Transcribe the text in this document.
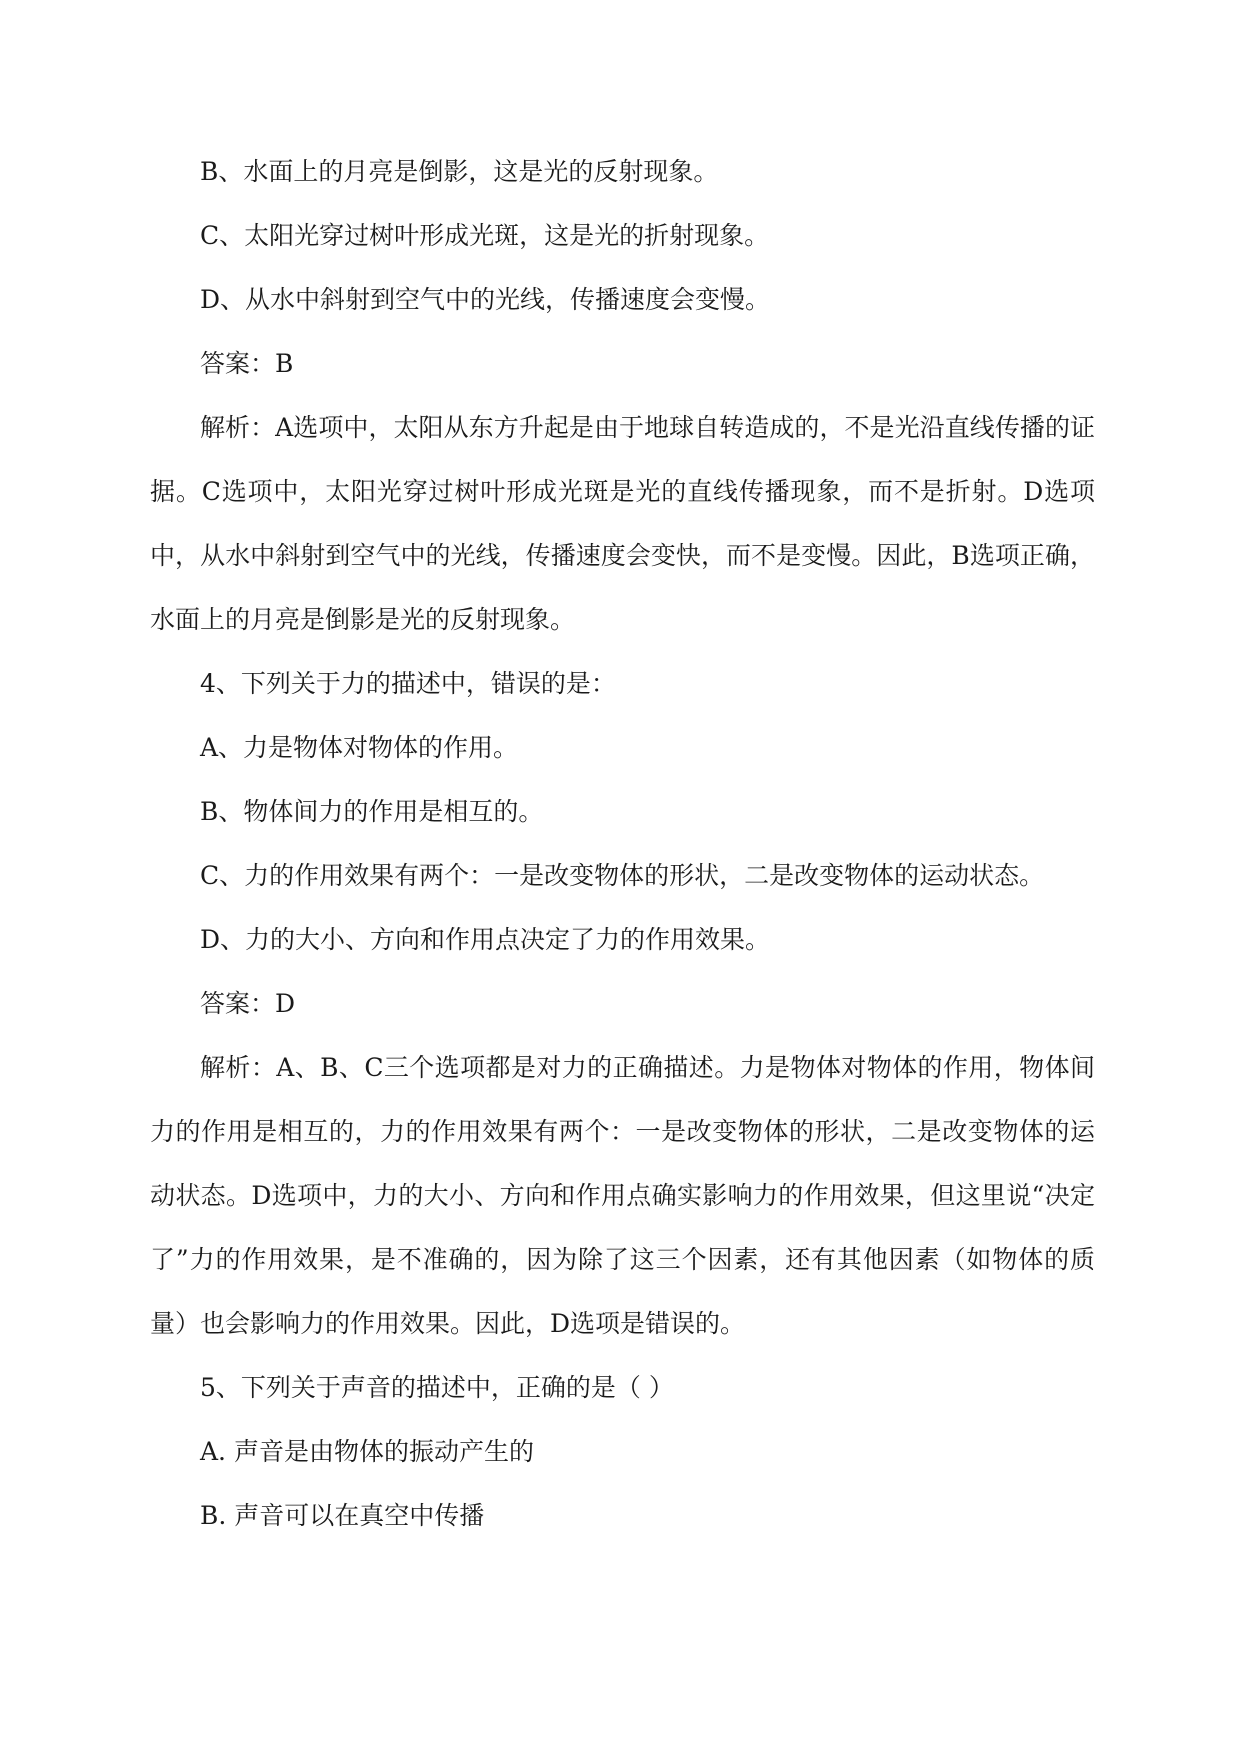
B、水面上的月亮是倒影，这是光的反射现象。

C、太阳光穿过树叶形成光斑，这是光的折射现象。

D、从水中斜射到空气中的光线，传播速度会变慢。

答案：B

解析：A选项中，太阳从东方升起是由于地球自转造成的，不是光沿直线传播的证据。C选项中，太阳光穿过树叶形成光斑是光的直线传播现象，而不是折射。D选项中，从水中斜射到空气中的光线，传播速度会变快，而不是变慢。因此，B选项正确，水面上的月亮是倒影是光的反射现象。

4、下列关于力的描述中，错误的是：

A、力是物体对物体的作用。

B、物体间力的作用是相互的。

C、力的作用效果有两个：一是改变物体的形状，二是改变物体的运动状态。

D、力的大小、方向和作用点决定了力的作用效果。

答案：D

解析：A、B、C三个选项都是对力的正确描述。力是物体对物体的作用，物体间力的作用是相互的，力的作用效果有两个：一是改变物体的形状，二是改变物体的运动状态。D选项中，力的大小、方向和作用点确实影响力的作用效果，但这里说“决定了”力的作用效果，是不准确的，因为除了这三个因素，还有其他因素（如物体的质量）也会影响力的作用效果。因此，D选项是错误的。

5、下列关于声音的描述中，正确的是（ ）

A. 声音是由物体的振动产生的

B. 声音可以在真空中传播
